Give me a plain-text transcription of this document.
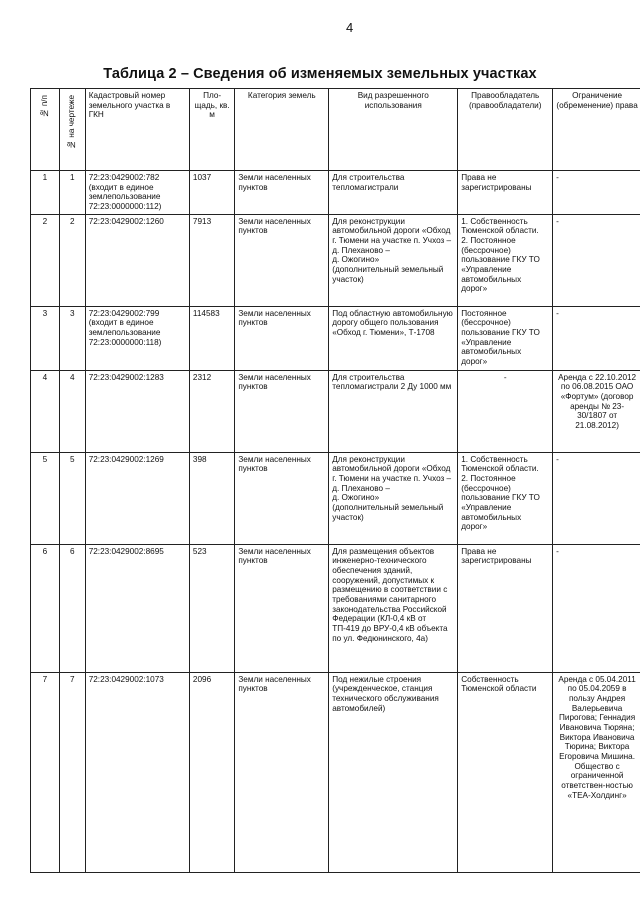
4
Таблица 2 – Сведения об изменяемых земельных участках
№ п/п	№ на чертеже	Кадастровый номер земельного участка в ГКН	Пло-щадь, кв. м	Категория земель	Вид разрешенного использования	Правообладатель (правообладатели)	Ограничение (обременение) права
1	1	72:23:0429002:782
(входит в единое землепользование 72:23:0000000:112)	1037	Земли населенных пунктов	Для строительства тепломагистрали	Права не зарегистрированы	-
2	2	72:23:0429002:1260	7913	Земли населенных пунктов	Для реконструкции автомобильной дороги «Обход г. Тюмени на участке п. Учхоз –
д. Плеханово –
д. Ожогино»
(дополнительный земельный участок)	1. Собственность Тюменской области.
2. Постоянное (бессрочное) пользование ГКУ ТО «Управление автомобильных дорог»	-
3	3	72:23:0429002:799
(входит в единое землепользование 72:23:0000000:118)	114583	Земли населенных пунктов	Под областную автомобильную дорогу общего пользования «Обход г. Тюмени», Т-1708	Постоянное (бессрочное) пользование ГКУ ТО «Управление автомобильных дорог»	-
4	4	72:23:0429002:1283	2312	Земли населенных пунктов	Для строительства тепломагистрали 2 Ду 1000 мм	-	Аренда с 22.10.2012 по 06.08.2015 ОАО «Фортум» (договор аренды № 23-30/1807 от 21.08.2012)
5	5	72:23:0429002:1269	398	Земли населенных пунктов	Для реконструкции автомобильной дороги «Обход г. Тюмени на участке п. Учхоз –
д. Плеханово –
д. Ожогино»
(дополнительный земельный участок)	1. Собственность Тюменской области.
2. Постоянное (бессрочное) пользование ГКУ ТО «Управление автомобильных дорог»	-
6	6	72:23:0429002:8695	523	Земли населенных пунктов	Для размещения объектов инженерно-технического обеспечения зданий, сооружений, допустимых к размещению в соответствии с требованиями санитарного законодательства Российской Федерации (КЛ-0,4 кВ от ТП-419 до ВРУ-0,4 кВ объекта по ул. Федюнинского, 4а)	Права не зарегистрированы	-
7	7	72:23:0429002:1073	2096	Земли населенных пунктов	Под нежилые строения (учрежденческое, станция технического обслуживания автомобилей)	Собственность Тюменской области	Аренда с 05.04.2011 по 05.04.2059 в пользу Андрея Валерьевича Пирогова; Геннадия Ивановича Тюряна; Виктора Ивановича Тюрина; Виктора Егоровича Мишина. Общество с ограниченной ответствен-ностью «ТЕА-Холдинг»
